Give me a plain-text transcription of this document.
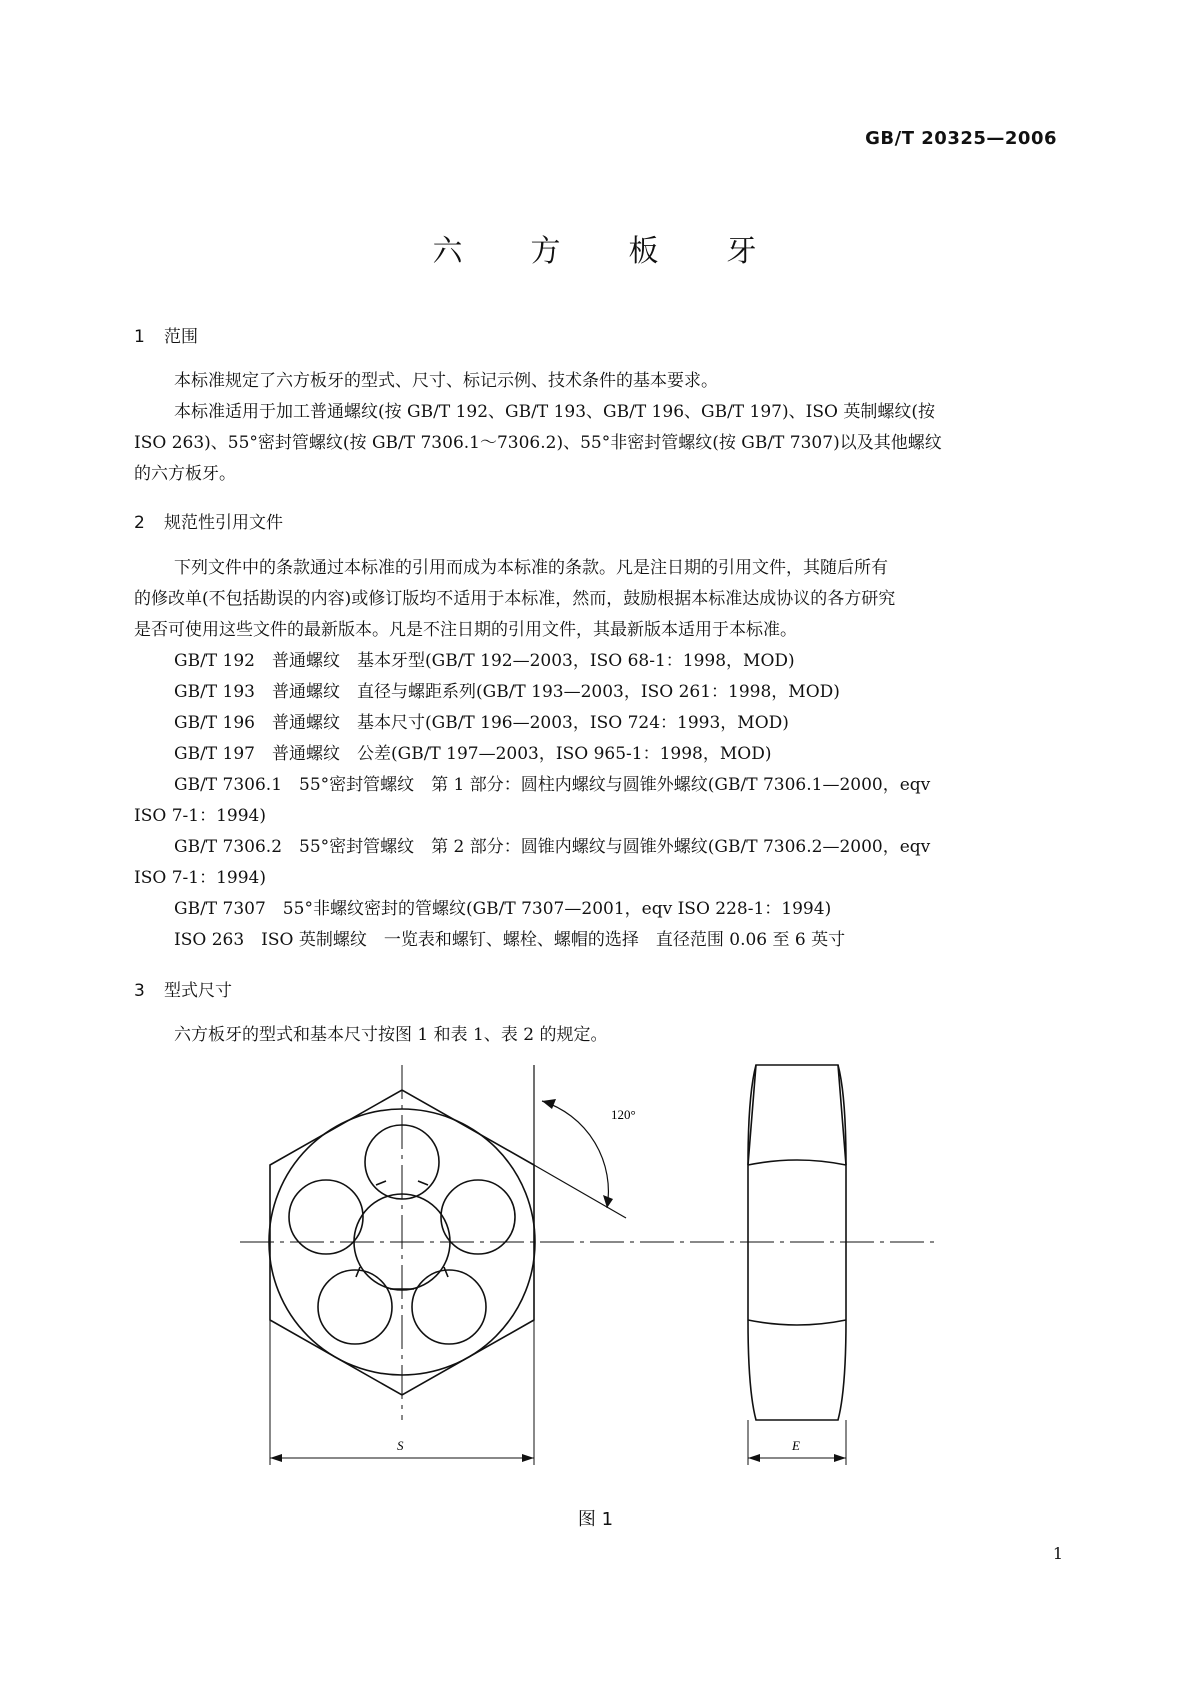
GB/T 20325—2006
六 方 板 牙
1 范围
本标准规定了六方板牙的型式、尺寸、标记示例、技术条件的基本要求。
本标准适用于加工普通螺纹(按 GB/T 192、GB/T 193、GB/T 196、GB/T 197)、ISO 英制螺纹(按
ISO 263)、55°密封管螺纹(按 GB/T 7306.1～7306.2)、55°非密封管螺纹(按 GB/T 7307)以及其他螺纹
的六方板牙。
2 规范性引用文件
下列文件中的条款通过本标准的引用而成为本标准的条款。凡是注日期的引用文件，其随后所有
的修改单(不包括勘误的内容)或修订版均不适用于本标准，然而，鼓励根据本标准达成协议的各方研究
是否可使用这些文件的最新版本。凡是不注日期的引用文件，其最新版本适用于本标准。
GB/T 192　普通螺纹　基本牙型(GB/T 192—2003，ISO 68-1：1998，MOD)
GB/T 193　普通螺纹　直径与螺距系列(GB/T 193—2003，ISO 261：1998，MOD)
GB/T 196　普通螺纹　基本尺寸(GB/T 196—2003，ISO 724：1993，MOD)
GB/T 197　普通螺纹　公差(GB/T 197—2003，ISO 965-1：1998，MOD)
GB/T 7306.1　55°密封管螺纹　第 1 部分：圆柱内螺纹与圆锥外螺纹(GB/T 7306.1—2000，eqv
ISO 7-1：1994)
GB/T 7306.2　55°密封管螺纹　第 2 部分：圆锥内螺纹与圆锥外螺纹(GB/T 7306.2—2000，eqv
ISO 7-1：1994)
GB/T 7307　55°非螺纹密封的管螺纹(GB/T 7307—2001，eqv ISO 228-1：1994)
ISO 263　ISO 英制螺纹　一览表和螺钉、螺栓、螺帽的选择　直径范围 0.06 至 6 英寸
3 型式尺寸
六方板牙的型式和基本尺寸按图 1 和表 1、表 2 的规定。
120°
S	E
图 1
1
